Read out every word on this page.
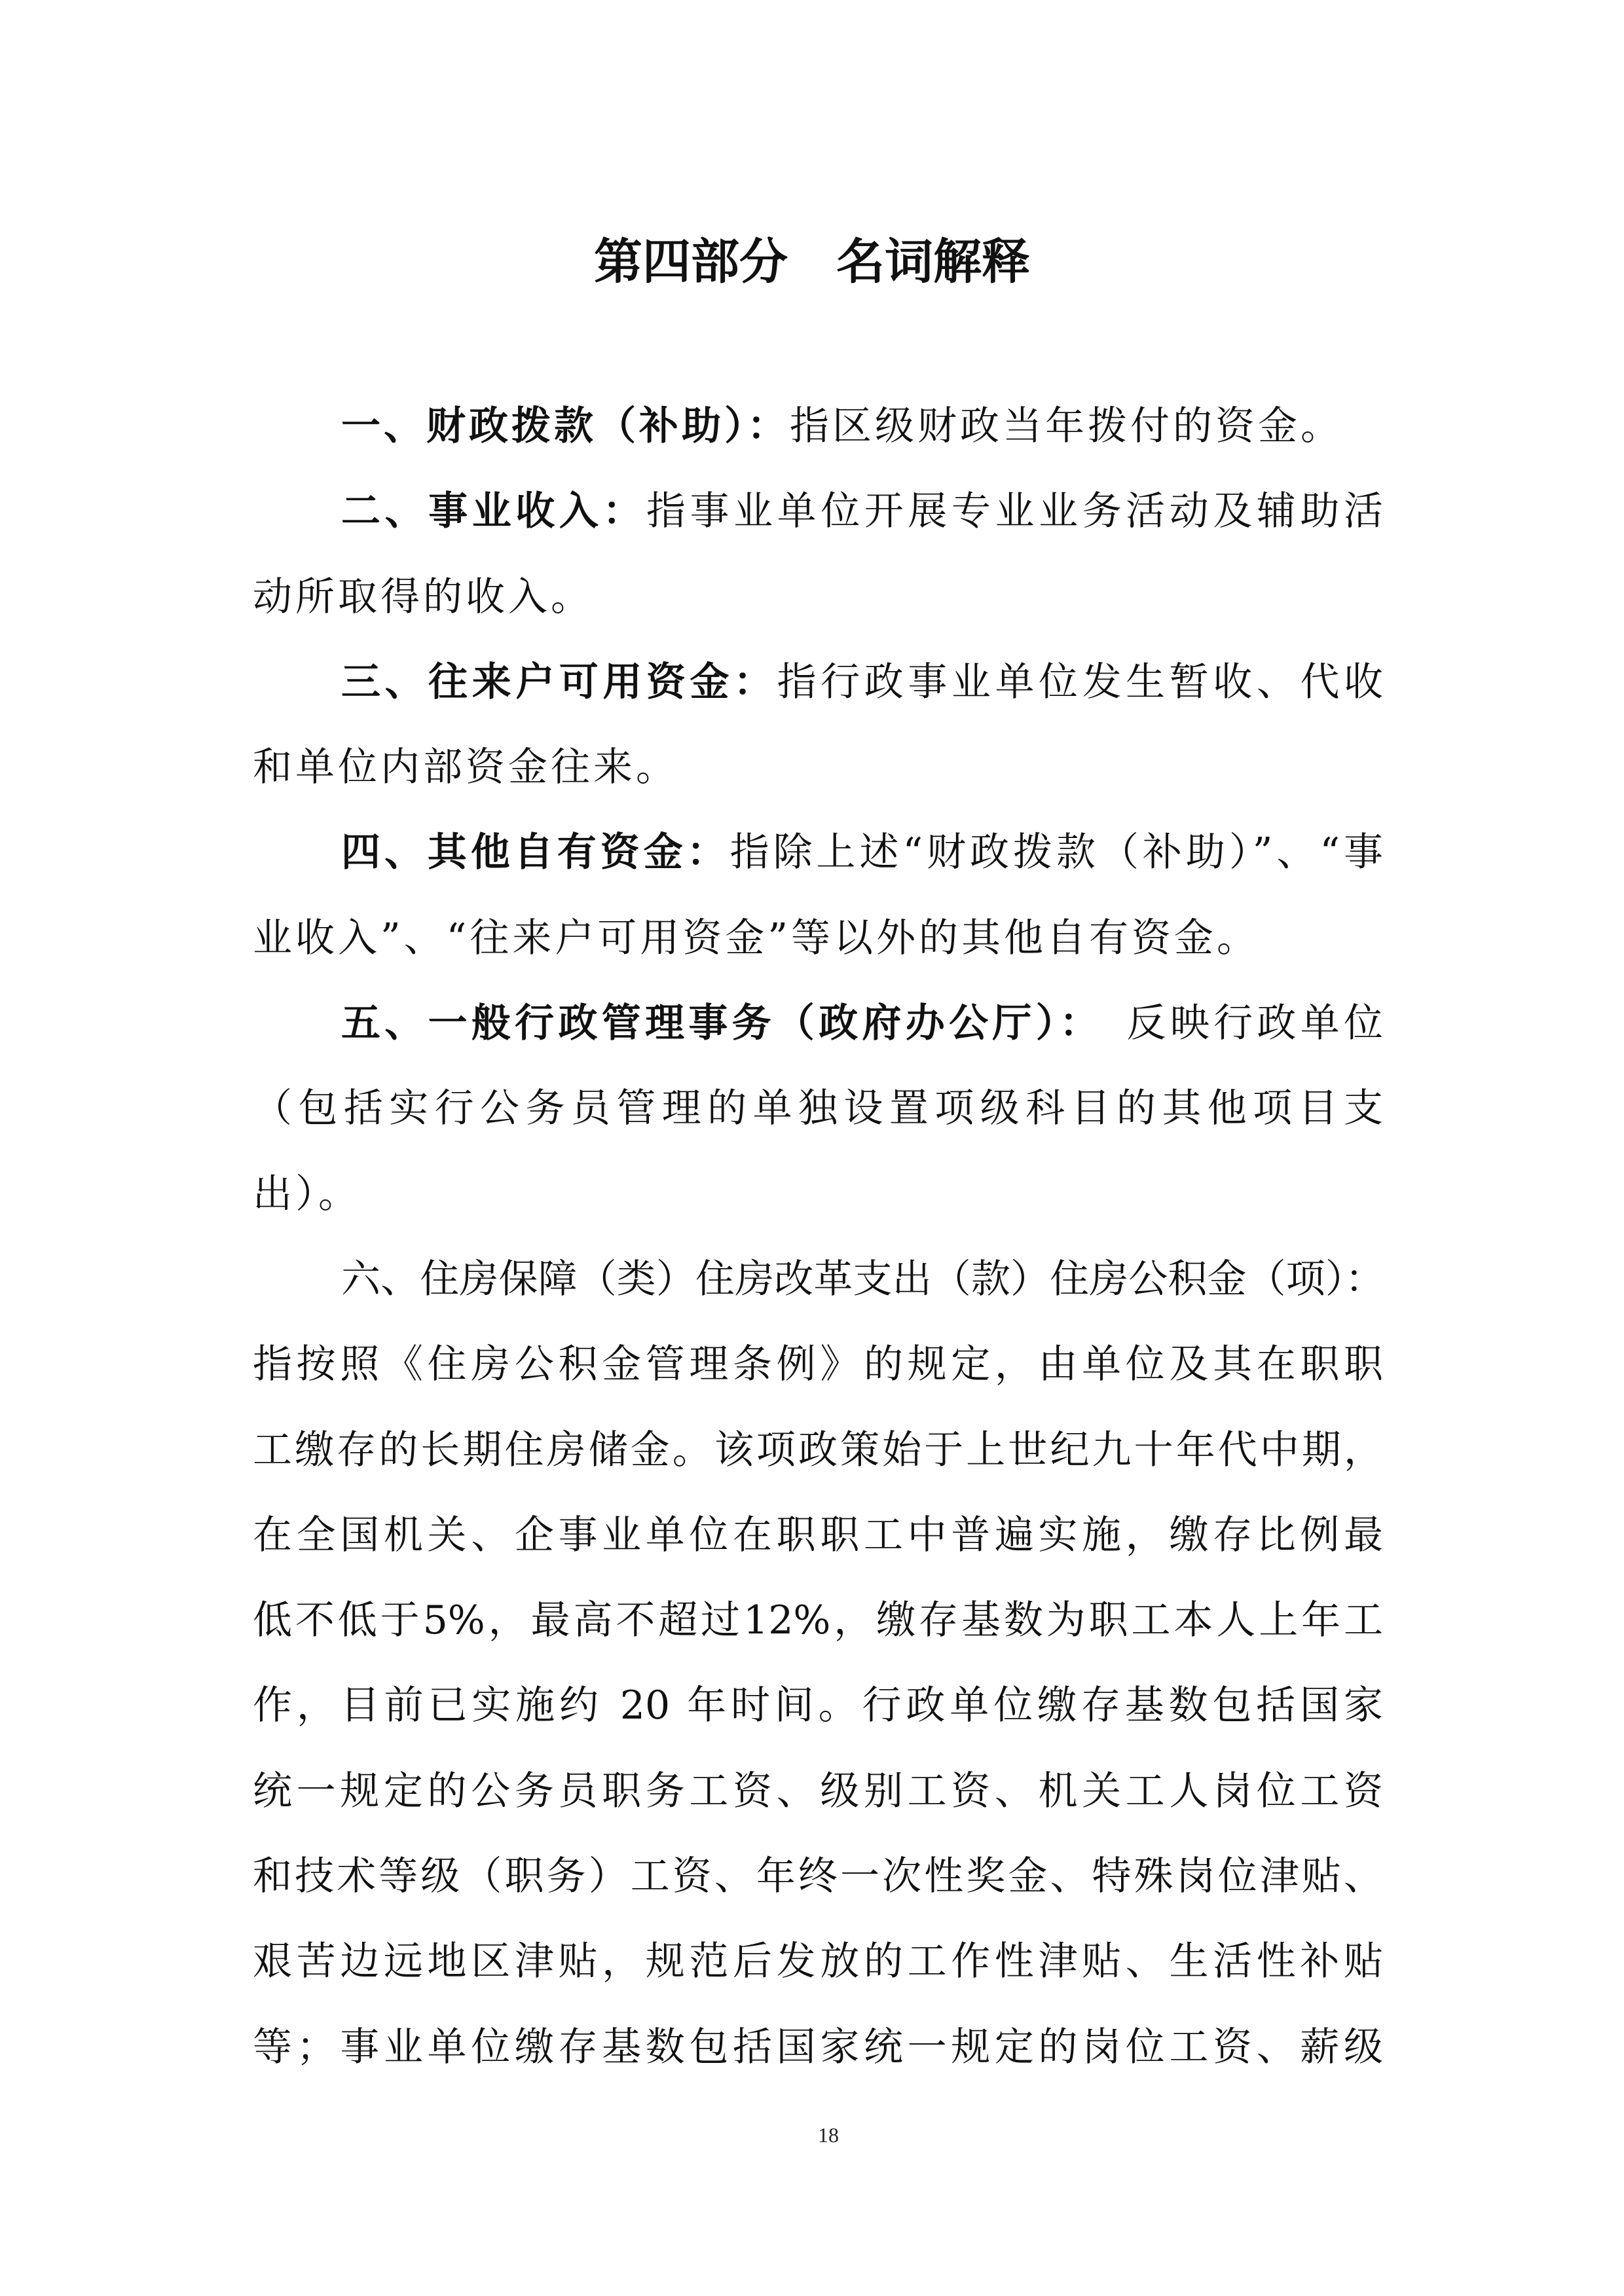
第四部分　名词解释
一、财政拨款（补助）：指区级财政当年拨付的资金。
二、事业收入：指事业单位开展专业业务活动及辅助活
动所取得的收入。
三、往来户可用资金：指行政事业单位发生暂收、代收
和单位内部资金往来。
四、其他自有资金：指除上述“财政拨款（补助）”、“事
业收入”、“往来户可用资金”等以外的其他自有资金。
五、一般行政管理事务（政府办公厅）：　反映行政单位
（包括实行公务员管理的单独设置项级科目的其他项目支
出）。
六、住房保障（类）住房改革支出（款）住房公积金（项）：
指按照《住房公积金管理条例》的规定，由单位及其在职职
工缴存的长期住房储金。该项政策始于上世纪九十年代中期，
在全国机关、企事业单位在职职工中普遍实施，缴存比例最
低不低于5%，最高不超过12%，缴存基数为职工本人上年工
作，目前已实施约 20 年时间。行政单位缴存基数包括国家
统一规定的公务员职务工资、级别工资、机关工人岗位工资
和技术等级（职务）工资、年终一次性奖金、特殊岗位津贴、
艰苦边远地区津贴，规范后发放的工作性津贴、生活性补贴
等；事业单位缴存基数包括国家统一规定的岗位工资、薪级
18
